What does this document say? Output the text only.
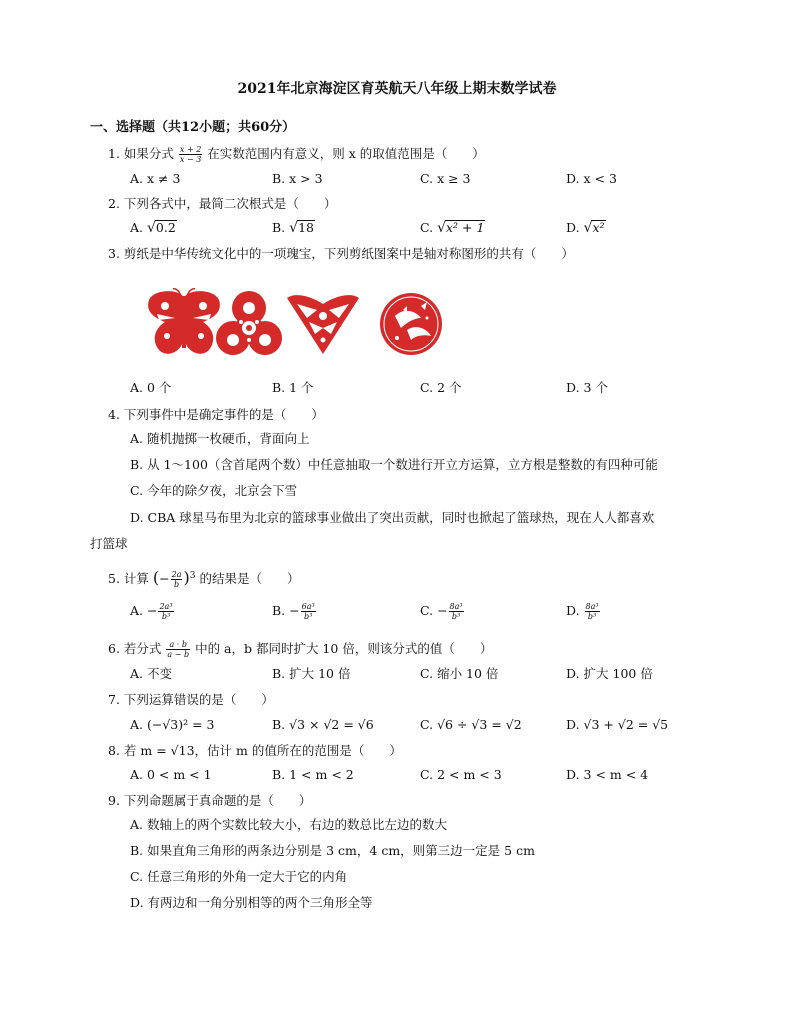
2021年北京海淀区育英航天八年级上期末数学试卷
一、选择题（共12小题；共60分）
1. 如果分式 $\frac{x + 2}{x - 3}$ 在实数范围内有意义，则 x 的取值范围是（　　）
A. x ≠ 3	B. x > 3	C. x ≥ 3	D. x < 3
2. 下列各式中，最简二次根式是（　　）
A. √0.2	B. √18	C. √x² + 1	D. √x²
3. 剪纸是中华传统文化中的一项瑰宝，下列剪纸图案中是轴对称图形的共有（　　）
A. 0 个	B. 1 个	C. 2 个	D. 3 个
4. 下列事件中是确定事件的是（　　）
A. 随机抛掷一枚硬币，背面向上
B. 从 1～100（含首尾两个数）中任意抽取一个数进行开立方运算，立方根是整数的有四种可能
C. 今年的除夕夜，北京会下雪
D. CBA 球星马布里为北京的篮球事业做出了突出贡献，同时也掀起了篮球热，现在人人都喜欢
打篮球
5. 计算 (− $\frac{2a}{b} )^3$ 的结果是（　　）
A. − $\frac{\text{2a³}}{\text{b³}}$	B. − $\frac{\text{6a³}}{\text{b³}}$	C. − $\frac{\text{8a³}}{\text{b³}}$	D. $\frac{\text{8a³}}{\text{b³}}$
6. 若分式 $\frac{a \cdot b}{a - b}$ 中的 a，b 都同时扩大 10 倍，则该分式的值（　　）
A. 不变	B. 扩大 10 倍	C. 缩小 10 倍	D. 扩大 100 倍
7. 下列运算错误的是（　　）
A. (−√3)² = 3	B. √3 × √2 = √6	C. √6 ÷ √3 = √2	D. √3 + √2 = √5
8. 若 m = √13，估计 m 的值所在的范围是（　　）
A. 0 < m < 1	B. 1 < m < 2	C. 2 < m < 3	D. 3 < m < 4
9. 下列命题属于真命题的是（　　）
A. 数轴上的两个实数比较大小，右边的数总比左边的数大
B. 如果直角三角形的两条边分别是 3 cm，4 cm，则第三边一定是 5 cm
C. 任意三角形的外角一定大于它的内角
D. 有两边和一角分别相等的两个三角形全等
